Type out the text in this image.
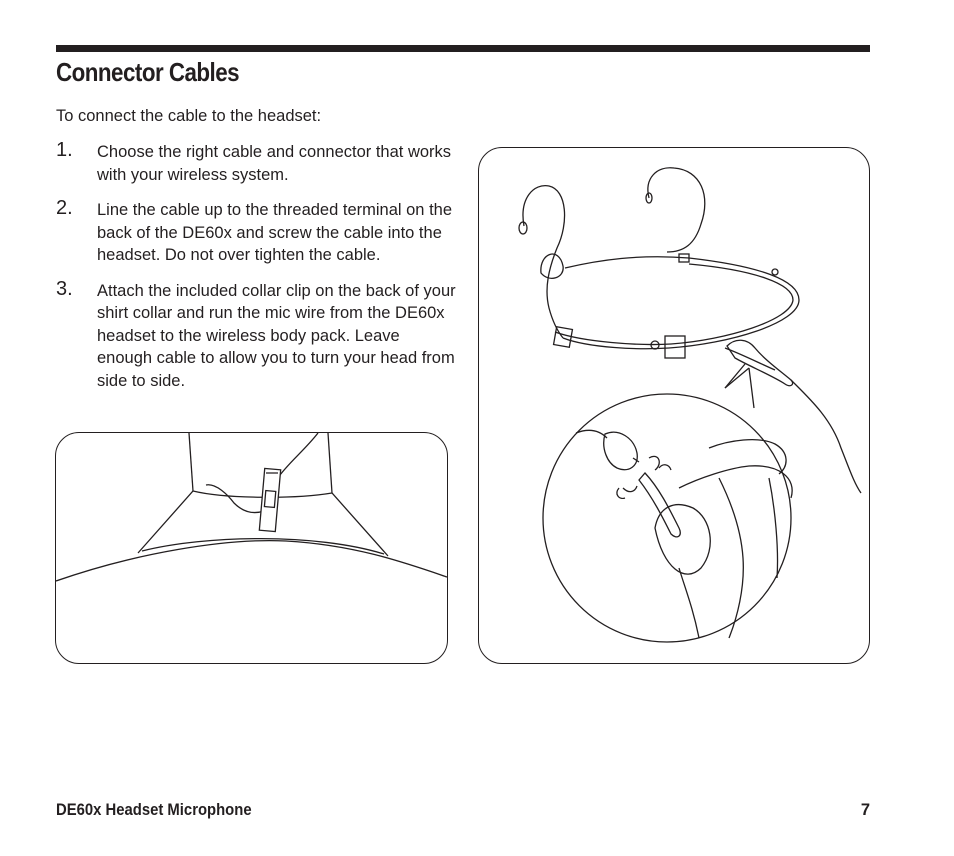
Connector Cables

To connect the cable to the headset:

1. Choose the right cable and connector that works with your wireless system.
2. Line the cable up to the threaded terminal on the back of the DE60x and screw the cable into the headset. Do not over tighten the cable.
3. Attach the included collar clip on the back of your shirt collar and run the mic wire from the DE60x headset to the wireless body pack. Leave enough cable to allow you to turn your head from side to side.

DE60x Headset Microphone	7
